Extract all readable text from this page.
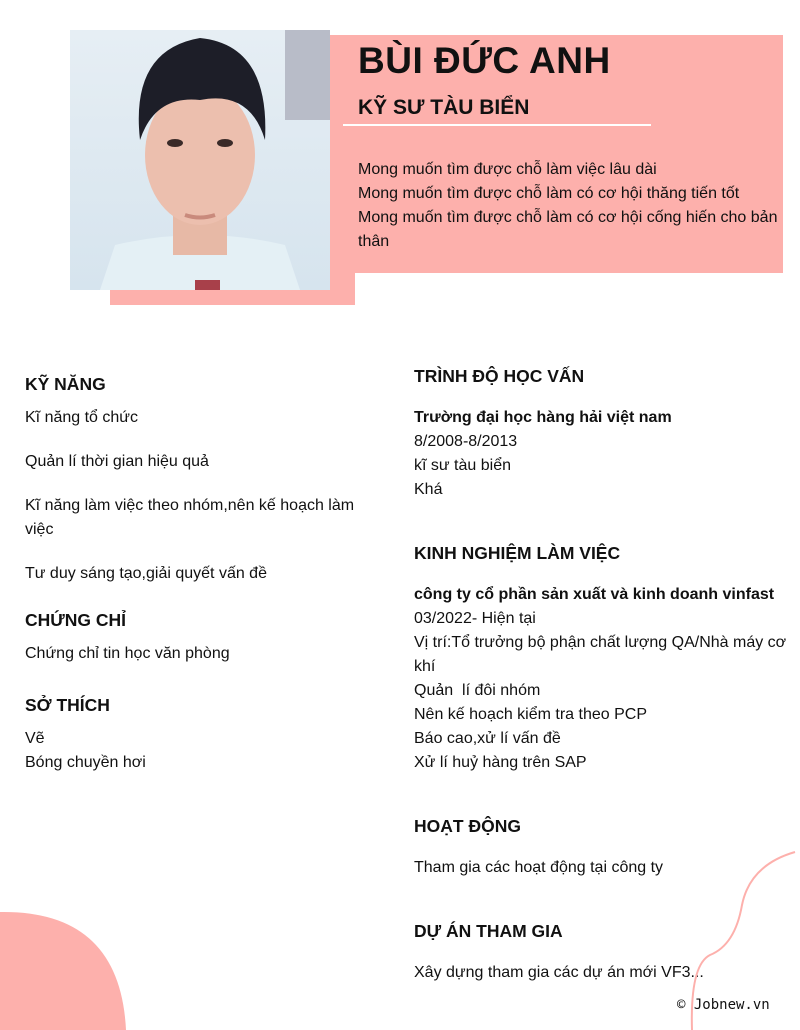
BÙI ĐỨC ANH
KỸ SƯ TÀU BIỂN
Mong muốn tìm được chỗ làm việc lâu dài
Mong muốn tìm được chỗ làm có cơ hội thăng tiến tốt
Mong muốn tìm được chỗ làm có cơ hội cống hiến cho bản thân
KỸ NĂNG
Kĩ năng tổ chức
Quản lí thời gian hiệu quả
Kĩ năng làm việc theo nhóm,nên kế hoạch làm việc
Tư duy sáng tạo,giải quyết vấn đề
CHỨNG CHỈ
Chứng chỉ tin học văn phòng
SỞ THÍCH
Vẽ
Bóng chuyền hơi
TRÌNH ĐỘ HỌC VẤN
Trường đại học hàng hải việt nam
8/2008-8/2013
kĩ sư tàu biển
Khá
KINH NGHIỆM LÀM VIỆC
công ty cổ phần sản xuất và kinh doanh vinfast
03/2022- Hiện tại
Vị trí:Tổ trưởng bộ phận chất lượng QA/Nhà máy cơ khí
Quản  lí đôi nhóm
Nên kế hoạch kiểm tra theo PCP
Báo cao,xử lí vấn đề
Xử lí huỷ hàng trên SAP
HOẠT ĐỘNG
Tham gia các hoạt động tại công ty
DỰ ÁN THAM GIA
Xây dựng tham gia các dự án mới VF3...
© Jobnew.vn
